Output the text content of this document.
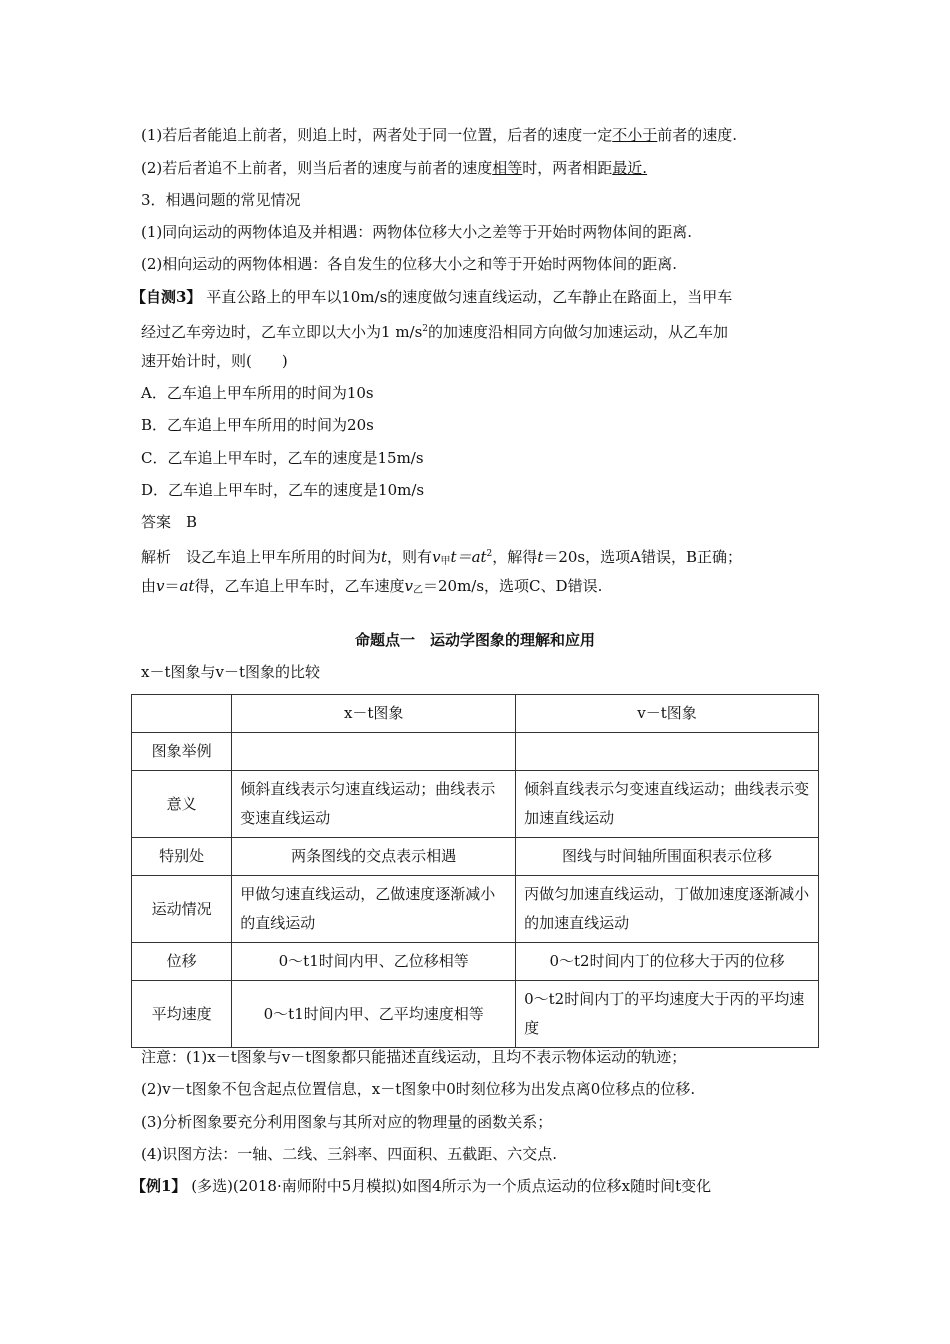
(1)若后者能追上前者，则追上时，两者处于同一位置，后者的速度一定不小于前者的速度.
(2)若后者追不上前者，则当后者的速度与前者的速度相等时，两者相距最近.
3．相遇问题的常见情况
(1)同向运动的两物体追及并相遇：两物体位移大小之差等于开始时两物体间的距离.
(2)相向运动的两物体相遇：各自发生的位移大小之和等于开始时两物体间的距离.
【自测3】 平直公路上的甲车以10m/s的速度做匀速直线运动，乙车静止在路面上，当甲车
经过乙车旁边时，乙车立即以大小为1 $m/s^2$的加速度沿相同方向做匀加速运动，从乙车加
速开始计时，则(　　)
A．乙车追上甲车所用的时间为10s
B．乙车追上甲车所用的时间为20s
C．乙车追上甲车时，乙车的速度是15m/s
D．乙车追上甲车时，乙车的速度是10m/s
答案　B
解析　设乙车追上甲车所用的时间为t，则有$v_甲t=at^2$，解得t＝20s，选项A错误，B正确；
由v＝at得，乙车追上甲车时，乙车速度$v_乙=20m/s$，选项C、D错误.
命题点一　运动学图象的理解和应用
x－t图象与v－t图象的比较
	x－t图象	v－t图象
图象举例		
意义	倾斜直线表示匀速直线运动；曲线表示变速直线运动	倾斜直线表示匀变速直线运动；曲线表示变加速直线运动
特别处	两条图线的交点表示相遇	图线与时间轴所围面积表示位移
运动情况	甲做匀速直线运动，乙做速度逐渐减小的直线运动	丙做匀加速直线运动，丁做加速度逐渐减小的加速直线运动
位移	0～t1时间内甲、乙位移相等	0～t2时间内丁的位移大于丙的位移
平均速度	0～t1时间内甲、乙平均速度相等	0～t2时间内丁的平均速度大于丙的平均速度
注意：(1)x－t图象与v－t图象都只能描述直线运动，且均不表示物体运动的轨迹；
(2)v－t图象不包含起点位置信息，x－t图象中0时刻位移为出发点离0位移点的位移.
(3)分析图象要充分利用图象与其所对应的物理量的函数关系；
(4)识图方法：一轴、二线、三斜率、四面积、五截距、六交点.
【例1】 (多选)(2018·南师附中5月模拟)如图4所示为一个质点运动的位移x随时间t变化
